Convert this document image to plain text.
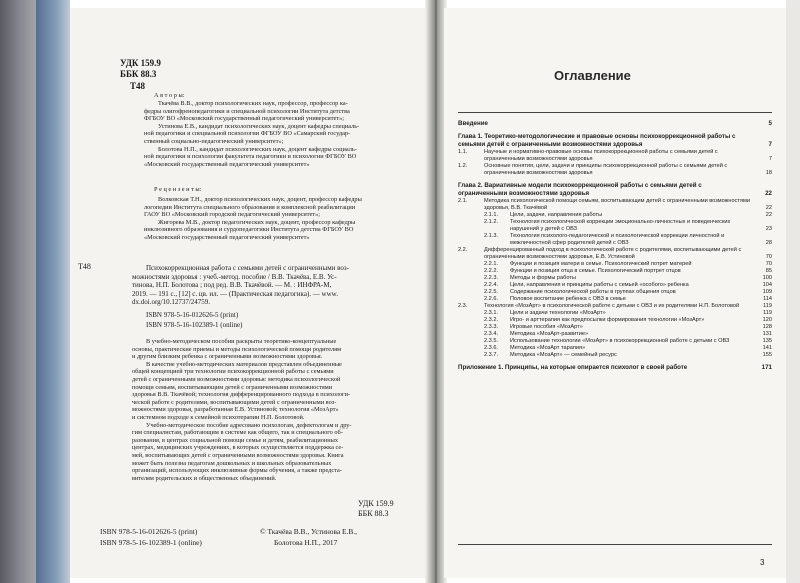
УДК 159.9
ББК 88.3
Т48
А в т о р ы:
Ткачёва В.В., доктор психологических наук, профессор, профессор ка-
федры олигофренопедагогики и специальной психологии Института детства
ФГБОУ ВО «Московский государственный педагогический университет»;
Устинова Е.В., кандидат психологических наук, доцент кафедры специаль-
ной педагогики и специальной психологии ФГБОУ ВО «Самарский государ-
ственный социально-педагогический университет»;
Болотова Н.П., кандидат психологических наук, доцент кафедры социаль-
ной педагогики и психологии факультета педагогики и психологии ФГБОУ ВО
«Московский государственный педагогический университет»
Р е ц е н з е н т ы:
Волковская Т.Н., доктор психологических наук, доцент, профессор кафедры
логопедии Института специального образования и комплексной реабилитации
ГАОУ ВО «Московский городской педагогический университет»;
Жигорева М.В., доктор педагогических наук, доцент, профессор кафедры
инклюзивного образования и сурдопедагогики Института детства ФГБОУ ВО
«Московский государственный педагогический университет»
Т48	Психокоррекционная работа с семьями детей с ограниченными воз-
можностями здоровья : учеб.-метод. пособие / В.В. Ткачёва, Е.В. Ус-
тинова, Н.П. Болотова ; под ред. В.В. Ткачёвой. — М. : ИНФРА-М,
2019. — 191 с., [12] с. цв. ил. — (Практическая педагогика). — www.
dx.doi.org/10.12737/24759.
ISBN 978-5-16-012626-5 (print)
ISBN 978-5-16-102389-1 (online)
В учебно-методическом пособии раскрыты теоретико-концептуальные
основы, практические приемы и методы психологической помощи родителям
и другим близким ребенка с ограниченными возможностями здоровья.
В качестве учебно-методических материалов представлен объединенные
общей концепцией три технологии психокоррекционной работы с семьями
детей с ограниченными возможностями здоровья: методика психологической
помощи семьям, воспитывающим детей с ограниченными возможностями
здоровья В.В. Ткачёвой; технология дифференцированного подхода в психологи-
ческой работе с родителями, воспитывающими детей с ограниченными воз-
можностями здоровья, разработанная Е.В. Устиновой; технология «МозАрт»
и системном подходе к семейной психотерапии Н.П. Болотовой.
Учебно-методическое пособие адресовано психологам, дефектологам и дру-
гим специалистам, работающим в системе как общего, так и специального об-
разования, в центрах социальной помощи семье и детям, реабилитационных
центрах, медицинских учреждениях, в которых осуществляется поддержка се-
мей, воспитывающих детей с ограниченными возможностями здоровья. Книга
может быть полезна педагогам дошкольных и школьных образовательных
организаций, использующих инклюзивные формы обучения, а также предста-
вителям родительских и общественных объединений.
УДК 159.9
ББК 88.3
ISBN 978-5-16-012626-5 (print)
ISBN 978-5-16-102389-1 (online)
© Ткачёва В.В., Устинова Е.В.,
Болотова Н.П., 2017
Оглавление
Введение	5
Глава 1. Теоретико-методологические и правовые основы психокоррекционной работы с семьями детей с ограниченными возможностями здоровья	7
1.1.	Научные и нормативно-правовые основы психокоррекционной работы с семьями детей с ограниченными возможностями здоровья	7
1.2.	Основные понятия, цели, задачи и принципы психокоррекционной работы с семьями детей с ограниченными возможностями здоровья	18
Глава 2. Вариативные модели психокоррекционной работы с семьями детей с ограниченными возможностями здоровья	22
2.1.	Методика психологической помощи семьям, воспитывающим детей с ограниченными возможностями здоровья, В.В. Ткачёвой	22
2.1.1. Цели, задачи, направления работы	22
2.1.2. Технология психологической коррекции эмоционально-личностных и поведенческих нарушений у детей с ОВЗ	23
2.1.3. Технология психолого-педагогической и психологической коррекции личностной и межличностной сфер родителей детей с ОВЗ	28
2.2.	Дифференцированный подход в психологической работе с родителями, воспитывающими детей с ограниченными возможностями здоровья, Е.В. Устиновой	70
2.2.1. Функции и позиция матери в семье. Психологический потрет матерей	70
2.2.2. Функции и позиция отца в семье. Психологический портрет отцов	85
2.2.3. Методы и формы работы	100
2.2.4. Цели, направления и принципы работы с семьей «особого» ребенка	104
2.2.5. Содержание психологической работы в группах общения отцов	109
2.2.6. Половое воспитание ребенка с ОВЗ в семье	114
2.3.	Технология «МозАрт» в психологической работе с детьми с ОВЗ и их родителями Н.П. Болотовой	119
2.3.1. Цели и задачи технологии «МозАрт»	119
2.3.2. Игро- и арттерапия как предпосылки формирования технологии «МозАрт»	120
2.3.3. Игровые пособия «МозАрт»	128
2.3.4. Методика «МозАрт-развитие»	131
2.3.5. Использование технологии «МозАрт» в психокоррекционной работе с детьми с ОВЗ	135
2.3.6. Методика «МозАрт тарапия»	141
2.3.7. Методика «МозАрт» — семейный ресурс	155
Приложение 1. Принципы, на которые опирается психолог в своей работе	171
3
